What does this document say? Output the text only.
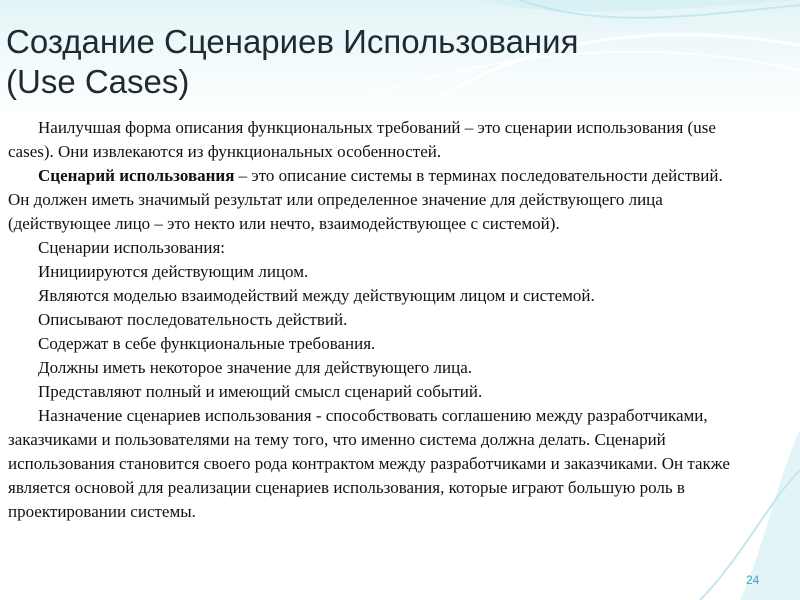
Создание Сценариев Использования
(Use Cases)

Наилучшая форма описания функциональных требований – это сценарии использования (use cases). Они извлекаются из функциональных особенностей.

Сценарий использования – это описание системы в терминах последовательности действий. Он должен иметь значимый результат или определенное значение для действующего лица (действующее лицо – это некто или нечто, взаимодействующее с системой).

Сценарии использования:

Инициируются действующим лицом.
Являются моделью взаимодействий между действующим лицом и системой.
Описывают последовательность действий.
Содержат в себе функциональные требования.
Должны иметь некоторое значение для действующего лица.
Представляют полный и имеющий смысл сценарий событий.

Назначение сценариев использования - способствовать соглашению между разработчиками, заказчиками и пользователями на тему того, что именно система должна делать. Сценарий использования становится своего рода контрактом между разработчиками и заказчиками. Он также является основой для реализации сценариев использования, которые играют большую роль в проектировании системы.

24
